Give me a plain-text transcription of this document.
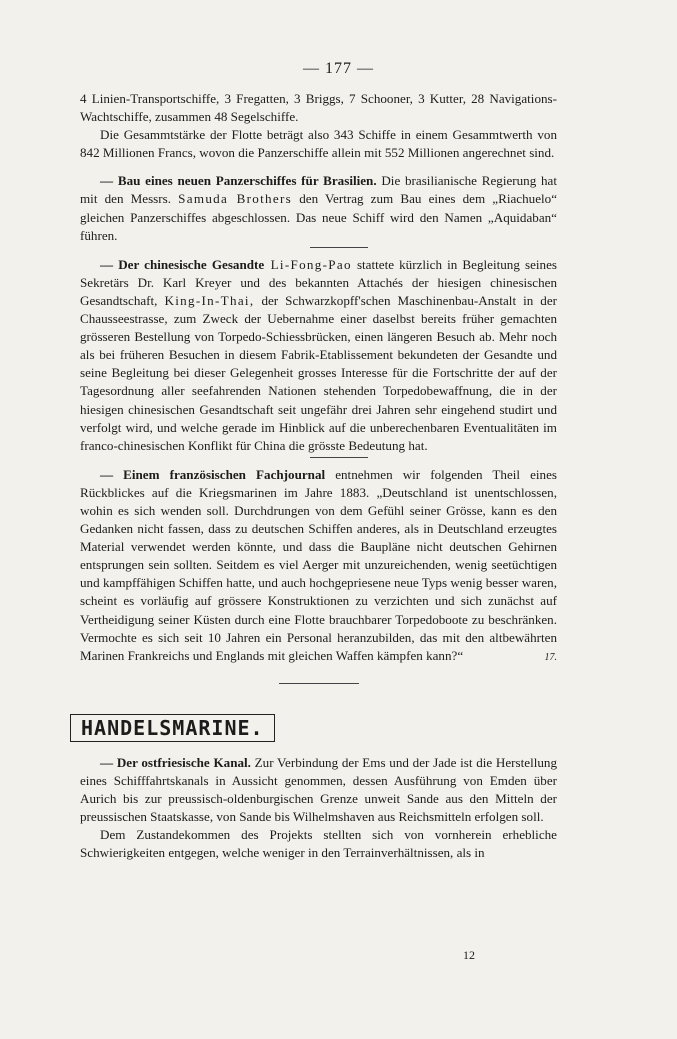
— 177 —

4 Linien-Transportschiffe, 3 Fregatten, 3 Briggs, 7 Schooner, 3 Kutter, 28 Navigations-Wachtschiffe, zusammen 48 Segelschiffe.

Die Gesammtstärke der Flotte beträgt also 343 Schiffe in einem Gesammtwerth von 842 Millionen Francs, wovon die Panzerschiffe allein mit 552 Millionen angerechnet sind.

— Bau eines neuen Panzerschiffes für Brasilien. Die brasilianische Regierung hat mit den Messrs. Samuda Brothers den Vertrag zum Bau eines dem „Riachuelo“ gleichen Panzerschiffes abgeschlossen. Das neue Schiff wird den Namen „Aquidaban“ führen.

— Der chinesische Gesandte Li-Fong-Pao stattete kürzlich in Begleitung seines Sekretärs Dr. Karl Kreyer und des bekannten Attachés der hiesigen chinesischen Gesandtschaft, King-In-Thai, der Schwarzkopff'schen Maschinenbau-Anstalt in der Chausseestrasse, zum Zweck der Uebernahme einer daselbst bereits früher gemachten grösseren Bestellung von Torpedo-Schiessbrücken, einen längeren Besuch ab. Mehr noch als bei früheren Besuchen in diesem Fabrik-Etablissement bekundeten der Gesandte und seine Begleitung bei dieser Gelegenheit grosses Interesse für die Fortschritte der auf der Tagesordnung aller seefahrenden Nationen stehenden Torpedobewaffnung, die in der hiesigen chinesischen Gesandtschaft seit ungefähr drei Jahren sehr eingehend studirt und verfolgt wird, und welche gerade im Hinblick auf die unberechenbaren Eventualitäten im franco-chinesischen Konflikt für China die grösste Bedeutung hat.

— Einem französischen Fachjournal entnehmen wir folgenden Theil eines Rückblickes auf die Kriegsmarinen im Jahre 1883. „Deutschland ist unentschlossen, wohin es sich wenden soll. Durchdrungen von dem Gefühl seiner Grösse, kann es den Gedanken nicht fassen, dass zu deutschen Schiffen anderes, als in Deutschland erzeugtes Material verwendet werden könnte, und dass die Baupläne nicht deutschen Gehirnen entsprungen sein sollten. Seitdem es viel Aerger mit unzureichenden, wenig seetüchtigen und kampffähigen Schiffen hatte, und auch hochgepriesene neue Typs wenig besser waren, scheint es vorläufig auf grössere Konstruktionen zu verzichten und sich zunächst auf Vertheidigung seiner Küsten durch eine Flotte brauchbarer Torpedoboote zu beschränken. Vermochte es sich seit 10 Jahren ein Personal heranzubilden, das mit den altbewährten Marinen Frankreichs und Englands mit gleichen Waffen kämpfen kann?“	17.

HANDELSMARINE.

— Der ostfriesische Kanal. Zur Verbindung der Ems und der Jade ist die Herstellung eines Schifffahrtskanals in Aussicht genommen, dessen Ausführung von Emden über Aurich bis zur preussisch-oldenburgischen Grenze unweit Sande aus den Mitteln der preussischen Staatskasse, von Sande bis Wilhelmshaven aus Reichsmitteln erfolgen soll.

Dem Zustandekommen des Projekts stellten sich von vornherein erhebliche Schwierigkeiten entgegen, welche weniger in den Terrainverhältnissen, als in

12
